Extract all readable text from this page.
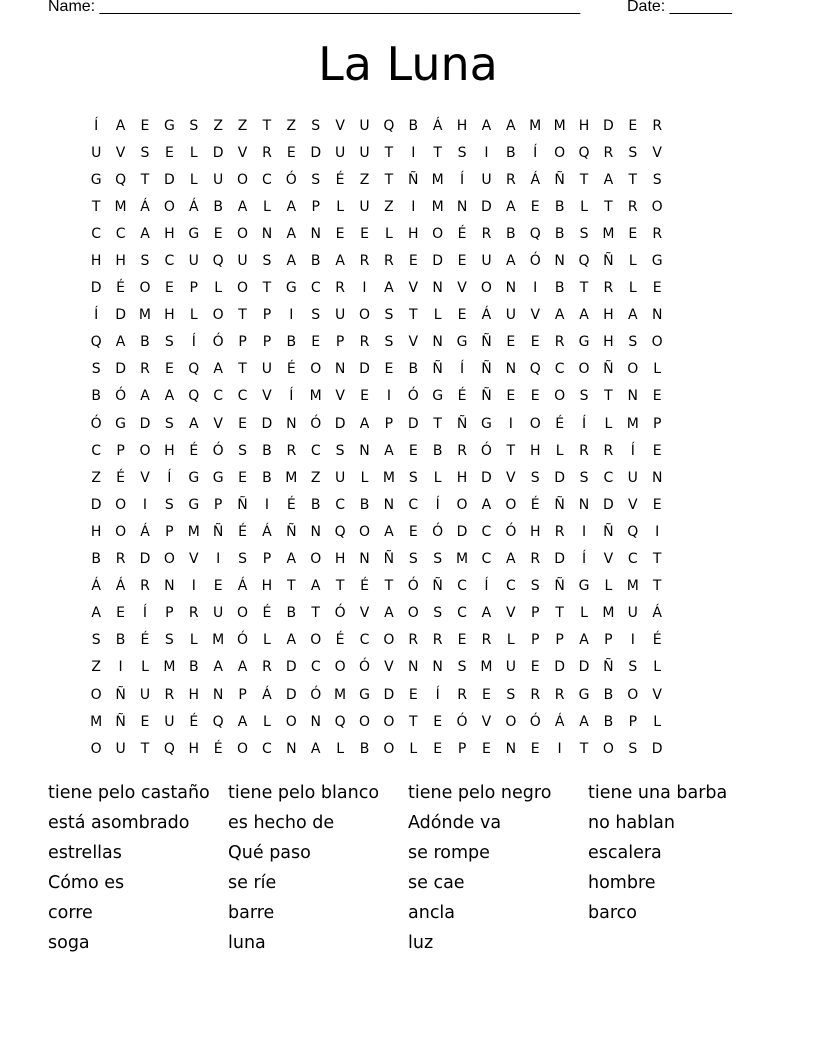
Name: ______________________________________________________	Date: _______
La Luna
Í	A	E	G	S	Z	Z	T	Z	S	V	U Q	B	Á	H	A	A M M H D	E	R
U	V	S	E	L	D	V	R	E	D U	U	T	I	T	S	I	B	Í	O Q	R	S	V
G Q	T	D	L	U O C Ó	S	É	Z	T	Ñ M	Í	U	R	Á	Ñ	T	A	T	S
T	M Á	O	Á	B	A	L	A	P	L	U	Z	I	M N D	A	E	B	L	T	R	O
C	C	A	H G	E	O N	A	N	E	E	L	H O	É	R	B	Q	B	S M E	R
H H	S	C	U Q U	S	A	B	A	R	R	E	D	E	U	A	Ó N Q Ñ	L	G
D	É	O	E	P	L	O	T	G	C	R	I	A	V	N	V	O N	I	B	T	R	L	E
Í	D M H	L	O	T	P	I	S	U O	S	T	L	E	Á	U	V	A	A	H	A	N
Q	A	B	S	Í	Ó	P	P	B	E	P	R	S	V	N G Ñ	E	E	R	G H	S	O
S	D	R	E	Q	A	T	U	É	O N D	E	B	Ñ	Í	Ñ N Q C O Ñ O	L
B	Ó	A	A	Q C	C	V	Í	M V	E	I	Ó G	É	Ñ	E	E	O	S	T	N	E
Ó G D	S	A	V	E	D N Ó D	A	P	D	T	Ñ G	I	O	É	Í	L	M	P
C	P	O H	É	Ó	S	B	R	C	S	N	A	E	B	R	Ó	T	H	L	R	R	Í	E
Z	É	V	Í	G G	E	B M Z	U	L	M S	L	H D	V	S	D	S	C	U	N
D O	I	S	G	P	Ñ	I	É	B	C	B	N	C	Í	O	A	O	É	Ñ N D	V	E
H O	Á	P	M Ñ	É	Á	Ñ N Q O	A	E	Ó D	C Ó H	R	I	Ñ Q	I
B	R	D O	V	I	S	P	A	O H N Ñ	S	S M C	A	R	D	Í	V	C	T
Á	Á	R	N	I	E	Á	H	T	A	T	É	T	Ó Ñ	C	Í	C	S	Ñ G	L	M	T
A	E	Í	P	R	U O	É	B	T	Ó	V	A	O	S	C	A	V	P	T	L	M U	Á
S	B	É	S	L	M Ó	L	A	O	É	C O	R	R	E	R	L	P	P	A	P	I	É
Z	I	L	M B	A	A	R	D	C O Ó	V	N N	S M U	E	D D Ñ	S	L
O Ñ	U	R	H N	P	Á	D Ó M G D	E	Í	R	E	S	R	R	G	B	O	V
M Ñ	E	U	É	Q	A	L	O N Q O O	T	E	Ó	V	O Ó	Á	A	B	P	L
O U	T	Q H	É	O C	N	A	L	B	O	L	E	P	E	N	E	I	T	O	S	D
tiene pelo castaño	tiene pelo blanco	tiene pelo negro	tiene una barba
está asombrado	es hecho de	Adónde va	no hablan
estrellas	Qué paso	se rompe	escalera
Cómo es	se ríe	se cae	hombre
corre	barre	ancla	barco
soga	luna	luz
